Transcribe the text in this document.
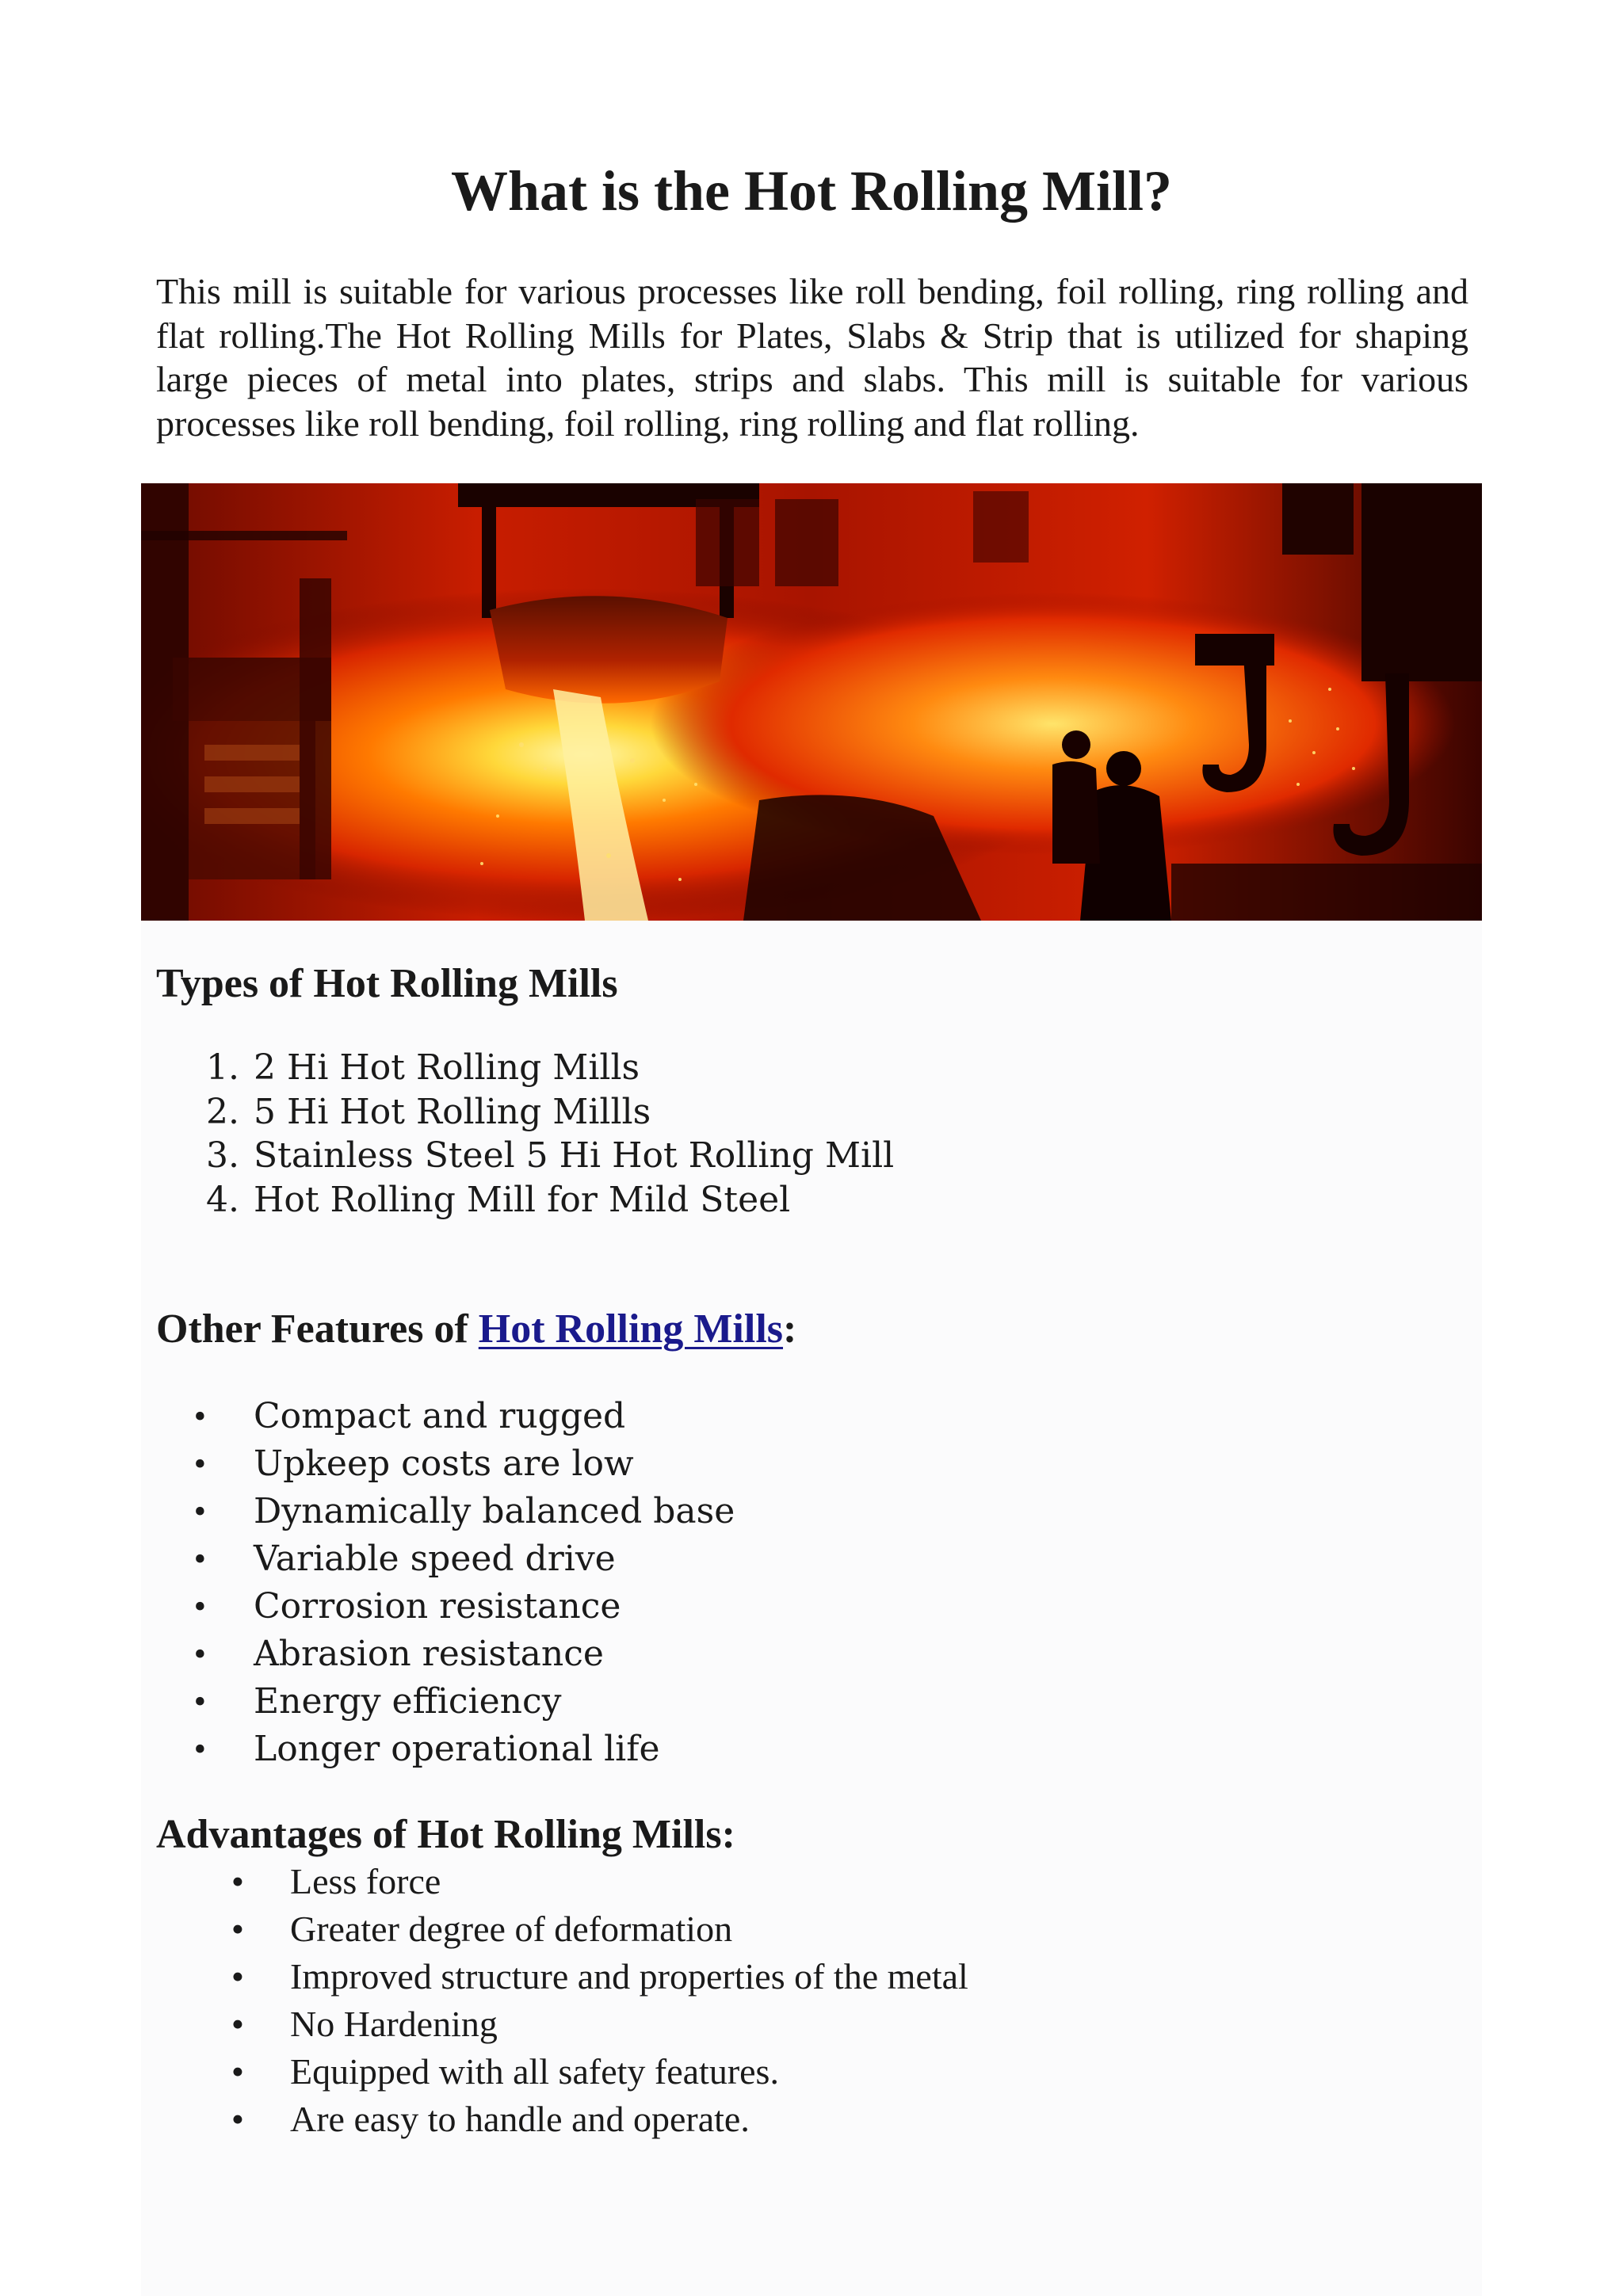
What is the Hot Rolling Mill?

This mill is suitable for various processes like roll bending, foil rolling, ring rolling and flat rolling.The Hot Rolling Mills for Plates, Slabs & Strip that is utilized for shaping large pieces of metal into plates, strips and slabs. This mill is suitable for various processes like roll bending, foil rolling, ring rolling and flat rolling.

Types of Hot Rolling Mills
1. 2 Hi Hot Rolling Mills
2. 5 Hi Hot Rolling Millls
3. Stainless Steel 5 Hi Hot Rolling Mill
4. Hot Rolling Mill for Mild Steel
Other Features of Hot Rolling Mills:
•	Compact and rugged
•	Upkeep costs are low
•	Dynamically balanced base
•	Variable speed drive
•	Corrosion resistance
•	Abrasion resistance
•	Energy efficiency
•	Longer operational life
Advantages of Hot Rolling Mills:
•	Less force
•	Greater degree of deformation
•	Improved structure and properties of the metal
•	No Hardening
•	Equipped with all safety features.
•	Are easy to handle and operate.
